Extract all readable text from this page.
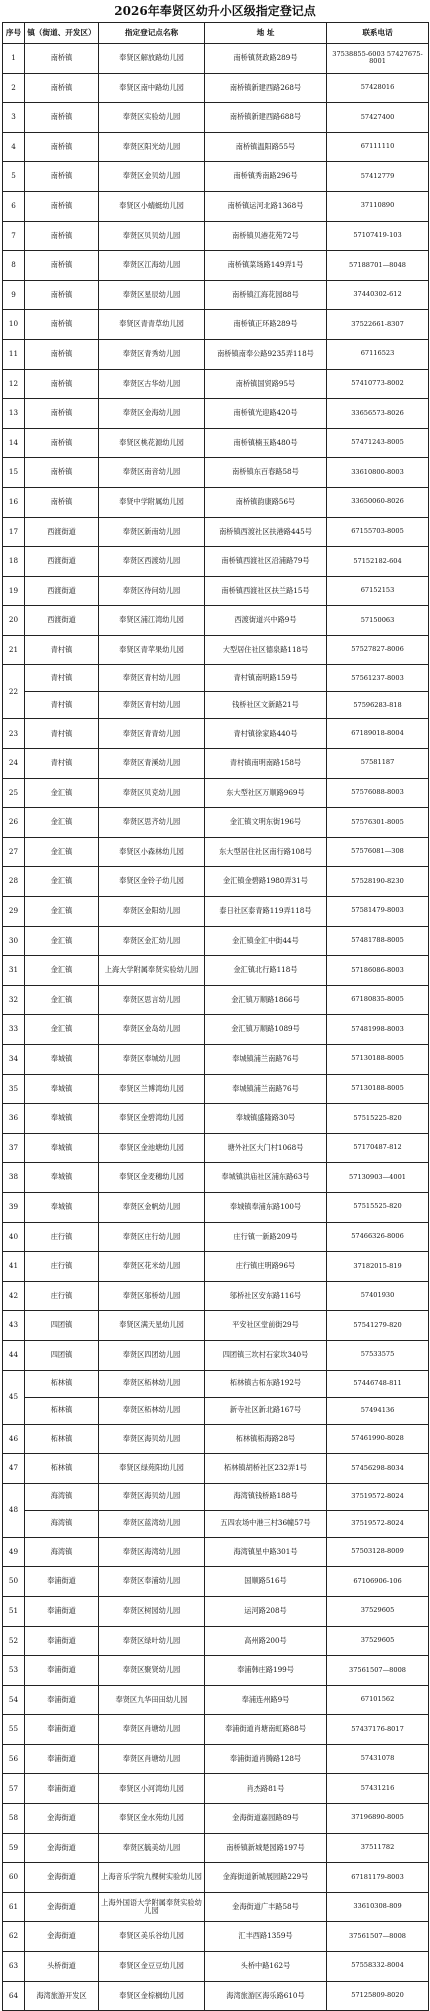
2026年奉贤区幼升小区级指定登记点
序号	镇（街道、开发区）	指定登记点名称	地 址	联系电话
1	南桥镇	奉贤区解放路幼儿园	南桥镇贤政路289号	37538855-6003 57427675-8001
2	南桥镇	奉贤区南中路幼儿园	南桥镇新建西路268号	57428016
3	南桥镇	奉贤区实验幼儿园	南桥镇新建西路688号	57427400
4	南桥镇	奉贤区阳光幼儿园	南桥镇温阳路55号	67111110
5	南桥镇	奉贤区金贝幼儿园	南桥镇秀南路296号	57412779
6	南桥镇	奉贤区小蜻蜓幼儿园	南桥镇运河北路1368号	37110890
7	南桥镇	奉贤区贝贝幼儿园	南桥镇贝港花苑72号	57107419-103
8	南桥镇	奉贤区江海幼儿园	南桥镇菜场路149弄1号	57188701—8048
9	南桥镇	奉贤区星辰幼儿园	南桥镇江海花园88号	37440302-612
10	南桥镇	奉贤区青青草幼儿园	南桥镇正环路289号	37522661-8307
11	南桥镇	奉贤区青秀幼儿园	南桥镇南奉公路9235弄118号	67116523
12	南桥镇	奉贤区古华幼儿园	南桥镇国贸路95号	57410773-8002
13	南桥镇	奉贤区金海幼儿园	南桥镇光迎路420号	33656573-8026
14	南桥镇	奉贤区桃花源幼儿园	南桥镇楠玉路480号	57471243-8005
15	南桥镇	奉贤区南音幼儿园	南桥镇东百春路58号	33610800-8003
16	南桥镇	奉贤中学附属幼儿园	南桥镇韵康路56号	33650060-8026
17	西渡街道	奉贤区新南幼儿园	南桥镇西渡社区扶港路445号	67155703-8005
18	西渡街道	奉贤区西渡幼儿园	南桥镇西渡社区沿浦路79号	57152182-604
19	西渡街道	奉贤区待问幼儿园	南桥镇西渡社区扶兰路15号	67152153
20	西渡街道	奉贤区浦江湾幼儿园	西渡街道兴中路9号	57150063
21	青村镇	奉贤区青苹果幼儿园	大型居住社区德泉路118号	57527827-8006
22	青村镇	奉贤区青村幼儿园	青村镇南明路159号	57561237-8003
	青村镇	奉贤区青村幼儿园	钱桥社区文新路21号	57596283-818
23	青村镇	奉贤区青青幼儿园	青村镇徐家路440号	67189018-8004
24	青村镇	奉贤区青溪幼儿园	青村镇南明南路158号	57581187
25	金汇镇	奉贤区贝克幼儿园	东大型社区万顺路969号	57576088-8003
26	金汇镇	奉贤区思齐幼儿园	金汇镇文明东街196号	57576301-8005
27	金汇镇	奉贤区小森林幼儿园	东大型居住社区南行路108号	57576081—308
28	金汇镇	奉贤区金铃子幼儿园	金汇镇金碧路1980弄31号	57528190-8230
29	金汇镇	奉贤区金阳幼儿园	泰日社区泰青路119弄118号	57581479-8003
30	金汇镇	奉贤区金汇幼儿园	金汇镇金汇中街44号	57481788-8005
31	金汇镇	上海大学附属奉贤实验幼儿园	金汇镇北行路118号	57186086-8003
32	金汇镇	奉贤区思言幼儿园	金汇镇万顺路1866号	67180835-8005
33	金汇镇	奉贤区金岛幼儿园	金汇镇万顺路1089号	57481998-8003
34	奉城镇	奉贤区奉城幼儿园	奉城镇浦兰南路76号	57130188-8005
35	奉城镇	奉贤区兰博湾幼儿园	奉城镇浦兰南路76号	57130188-8005
36	奉城镇	奉贤区金碧湾幼儿园	奉城镇盛隆路30号	57515225-820
37	奉城镇	奉贤区金池塘幼儿园	塘外社区大门村1068号	57170487-812
38	奉城镇	奉贤区金麦穗幼儿园	奉城镇洪庙社区浦东路63号	57130903—4001
39	奉城镇	奉贤区金帆幼儿园	奉城镇奉浦东路100号	57515525-820
40	庄行镇	奉贤区庄行幼儿园	庄行镇一新路209号	57466326-8006
41	庄行镇	奉贤区花米幼儿园	庄行镇庄明路96号	37182015-819
42	庄行镇	奉贤区邬桥幼儿园	邬桥社区安东路116号	57401930
43	四团镇	奉贤区满天星幼儿园	平安社区堂前街29号	57541279-820
44	四团镇	奉贤区四团幼儿园	四团镇三坎村石家坎340号	57533575
45	柘林镇	奉贤区柘林幼儿园	柘林镇古柘东路192号	57446748-811
	柘林镇	奉贤区柘林幼儿园	新寺社区新北路167号	57494136
46	柘林镇	奉贤区海贝幼儿园	柘林镇柘海路28号	57461990-8028
47	柘林镇	奉贤区绿苑阳幼儿园	柘林镇胡桥社区232弄1号	57456298-8034
48	海湾镇	奉贤区海贝幼儿园	海湾镇钱桥路188号	37519572-8024
	海湾镇	奉贤区蓝湾幼儿园	五四农场中港三村36幢57号	37519572-8024
49	海湾镇	奉贤区海湾幼儿园	海湾镇星中路301号	57503128-8009
50	奉浦街道	奉贤区奉浦幼儿园	国顺路516号	67106906-106
51	奉浦街道	奉贤区树园幼儿园	运河路208号	37529605
52	奉浦街道	奉贤区绿叶幼儿园	高州路200号	37529605
53	奉浦街道	奉贤区聚贤幼儿园	奉浦韩庄路199号	37561507—8008
54	奉浦街道	奉贤区九华田田幼儿园	奉浦连州路9号	67101562
55	奉浦街道	奉贤区肖塘幼儿园	奉浦街道肖塘南虹路88号	57437176-8017
56	奉浦街道	奉贤区肖塘幼儿园	奉浦街道肖腾路128号	57431078
57	奉浦街道	奉贤区小河湾幼儿园	肖杰路81号	57431216
58	金海街道	奉贤区金水苑幼儿园	金海街道嘉园路89号	37196890-8005
59	金海街道	奉贤区毓美幼儿园	南桥镇新城楚园路197号	37511782
60	金海街道	上海音乐学院九棵树实验幼儿园	金海街道新城展园路229号	67181179-8003
61	金海街道	上海外国语大学附属奉贤实验幼儿园	金海街道广丰路58号	33610308-809
62	金海街道	奉贤区美乐谷幼儿园	汇丰西路1359号	37561507—8008
63	头桥街道	奉贤区金豆豆幼儿园	头桥中路162号	57558332-8004
64	海湾旅游开发区	奉贤区金棕榈幼儿园	海湾旅游区海乐路610号	57125809-8020
